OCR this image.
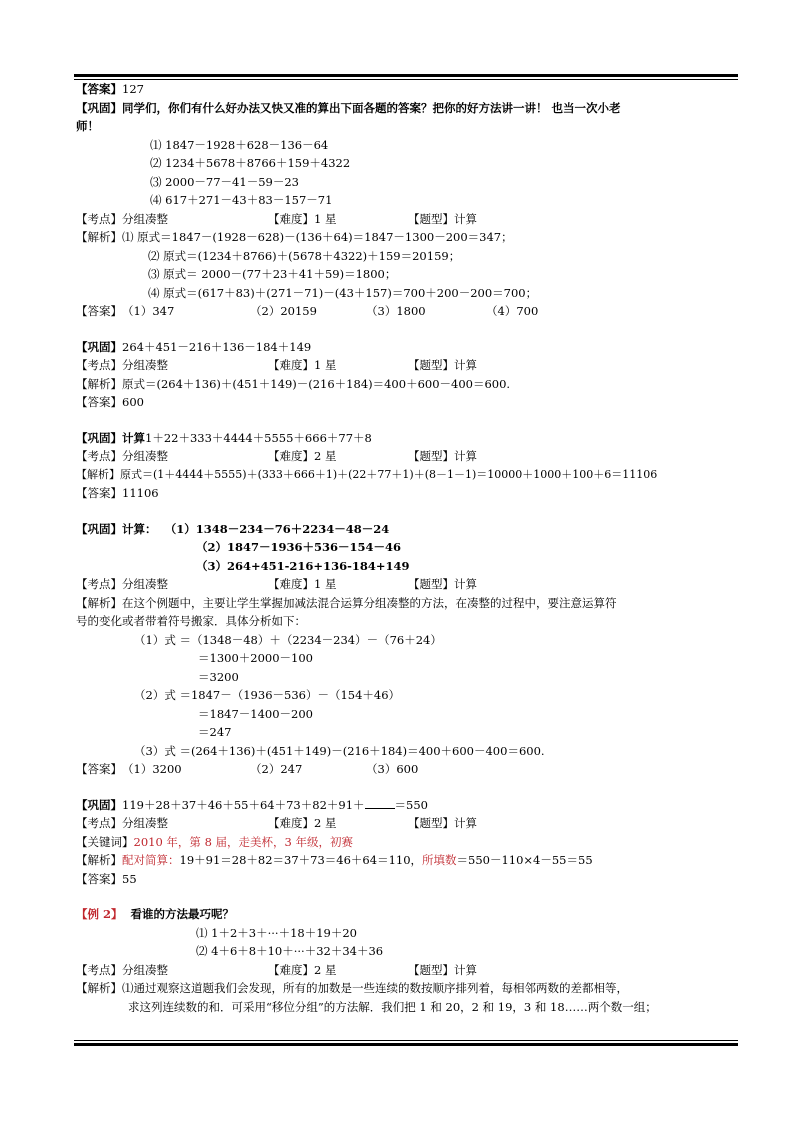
【答案】127
【巩固】同学们，你们有什么好办法又快又准的算出下面各题的答案？把你的好方法讲一讲！ 也当一次小老
师！
⑴ 1847－1928＋628－136－64
⑵ 1234＋5678＋8766＋159＋4322
⑶ 2000－77－41－59－23
⑷ 617＋271－43＋83－157－71
【考点】分组凑整	【难度】1 星	【题型】计算
【解析】⑴ 原式＝1847－(1928－628)－(136＋64)＝1847－1300－200＝347；
⑵ 原式＝(1234＋8766)＋(5678＋4322)＋159＝20159；
⑶ 原式＝ 2000－(77＋23＋41＋59)＝1800；
⑷ 原式＝(617＋83)＋(271－71)－(43＋157)＝700＋200－200＝700；
【答案】（1）347	（2）20159	（3）1800	（4）700
【巩固】264＋451－216＋136－184＋149
【考点】分组凑整	【难度】1 星	【题型】计算
【解析】原式＝(264＋136)＋(451＋149)－(216＋184)＝400＋600－400＝600.
【答案】600
【巩固】计算1＋22＋333＋4444＋5555＋666＋77＋8
【考点】分组凑整	【难度】2 星	【题型】计算
【解析】原式＝(1＋4444＋5555)＋(333＋666＋1)＋(22＋77＋1)＋(8－1－1)＝10000＋1000＋100＋6＝11106
【答案】11106
【巩固】计算： （1）1348－234－76＋2234－48－24
（2）1847－1936＋536－154－46
（3）264+451-216+136-184+149
【考点】分组凑整	【难度】1 星	【题型】计算
【解析】在这个例题中，主要让学生掌握加减法混合运算分组凑整的方法，在凑整的过程中，要注意运算符
号的变化或者带着符号搬家．具体分析如下：
（1）式 ＝（1348－48）＋（2234－234）－（76＋24）
＝1300＋2000－100
＝3200
（2）式 ＝1847－（1936－536）－（154＋46）
＝1847－1400－200
＝247
（3）式 ＝(264＋136)＋(451＋149)－(216＋184)＝400＋600－400＝600.
【答案】（1）3200	（2）247	（3）600
【巩固】119＋28＋37＋46＋55＋64＋73＋82＋91＋	＝550
【考点】分组凑整	【难度】2 星	【题型】计算
【关键词】2010 年，第 8 届，走美杯，3 年级，初赛
【解析】配对简算：19＋91＝28＋82＝37＋73＝46＋64＝110，所填数＝550－110×4－55＝55
【答案】55
【例 2】 看谁的方法最巧呢？
⑴ 1＋2＋3＋···＋18＋19＋20
⑵ 4＋6＋8＋10＋···＋32＋34＋36
【考点】分组凑整	【难度】2 星	【题型】计算
【解析】⑴通过观察这道题我们会发现，所有的加数是一些连续的数按顺序排列着，每相邻两数的差都相等，
求这列连续数的和．可采用“移位分组”的方法解．我们把 1 和 20，2 和 19，3 和 18……两个数一组；
